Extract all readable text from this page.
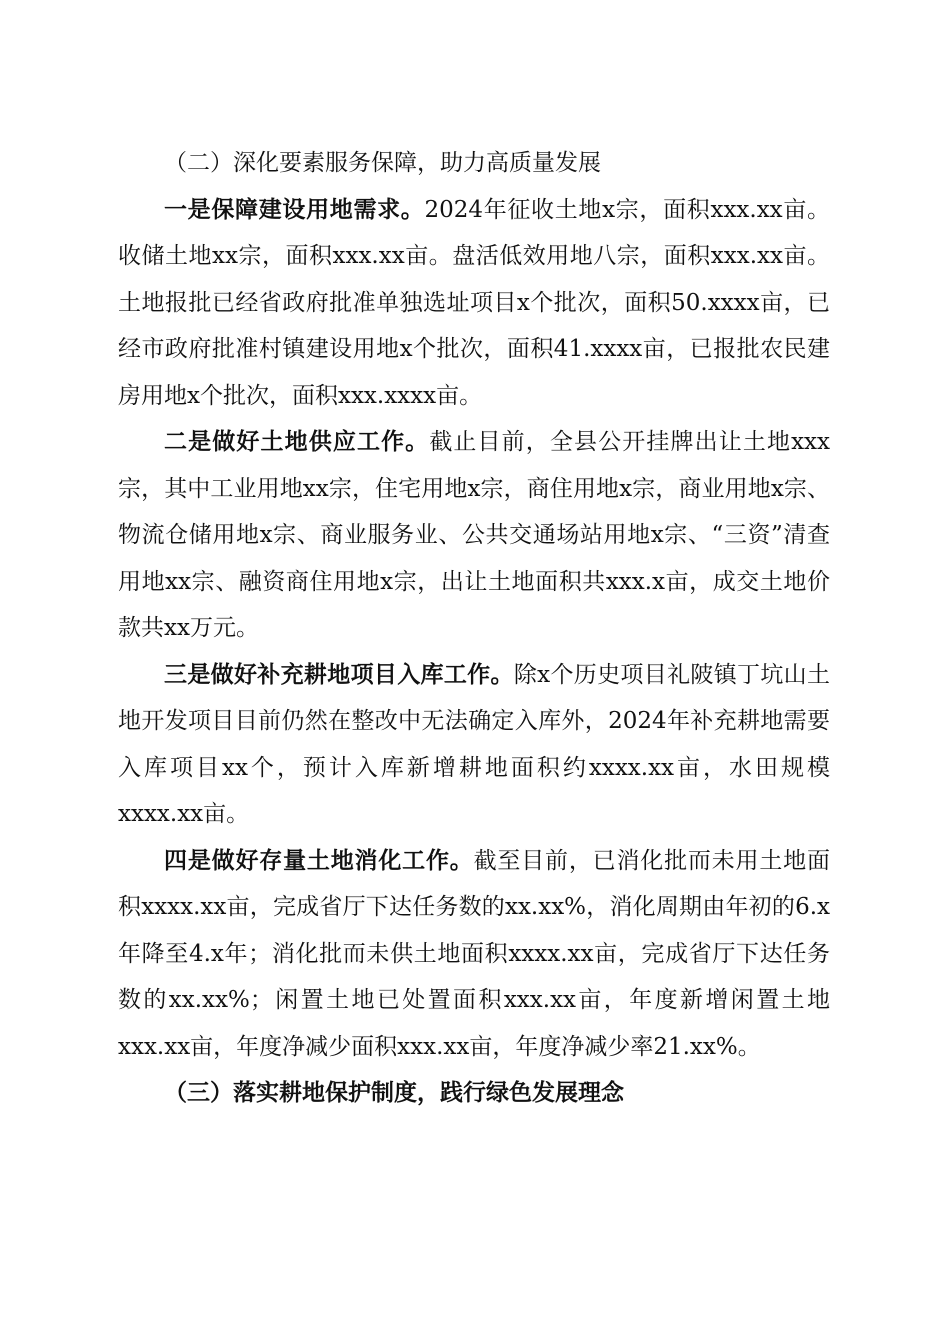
（二）深化要素服务保障，助力高质量发展

一是保障建设用地需求。2024年征收土地x宗，面积xxx.xx亩。收储土地xx宗，面积xxx.xx亩。盘活低效用地八宗，面积xxx.xx亩。土地报批已经省政府批准单独选址项目x个批次，面积50.xxxx亩，已经市政府批准村镇建设用地x个批次，面积41.xxxx亩，已报批农民建房用地x个批次，面积xxx.xxxx亩。

二是做好土地供应工作。截止目前，全县公开挂牌出让土地xxx宗，其中工业用地xx宗，住宅用地x宗，商住用地x宗，商业用地x宗、物流仓储用地x宗、商业服务业、公共交通场站用地x宗、“三资”清查用地xx宗、融资商住用地x宗，出让土地面积共xxx.x亩，成交土地价款共xx万元。

三是做好补充耕地项目入库工作。除x个历史项目礼陂镇丁坑山土地开发项目目前仍然在整改中无法确定入库外，2024年补充耕地需要入库项目xx个，预计入库新增耕地面积约xxxx.xx亩，水田规模xxxx.xx亩。

四是做好存量土地消化工作。截至目前，已消化批而未用土地面积xxxx.xx亩，完成省厅下达任务数的xx.xx%，消化周期由年初的6.x年降至4.x年；消化批而未供土地面积xxxx.xx亩，完成省厅下达任务数的xx.xx%；闲置土地已处置面积xxx.xx亩，年度新增闲置土地xxx.xx亩，年度净减少面积xxx.xx亩，年度净减少率21.xx%。

（三）落实耕地保护制度，践行绿色发展理念
